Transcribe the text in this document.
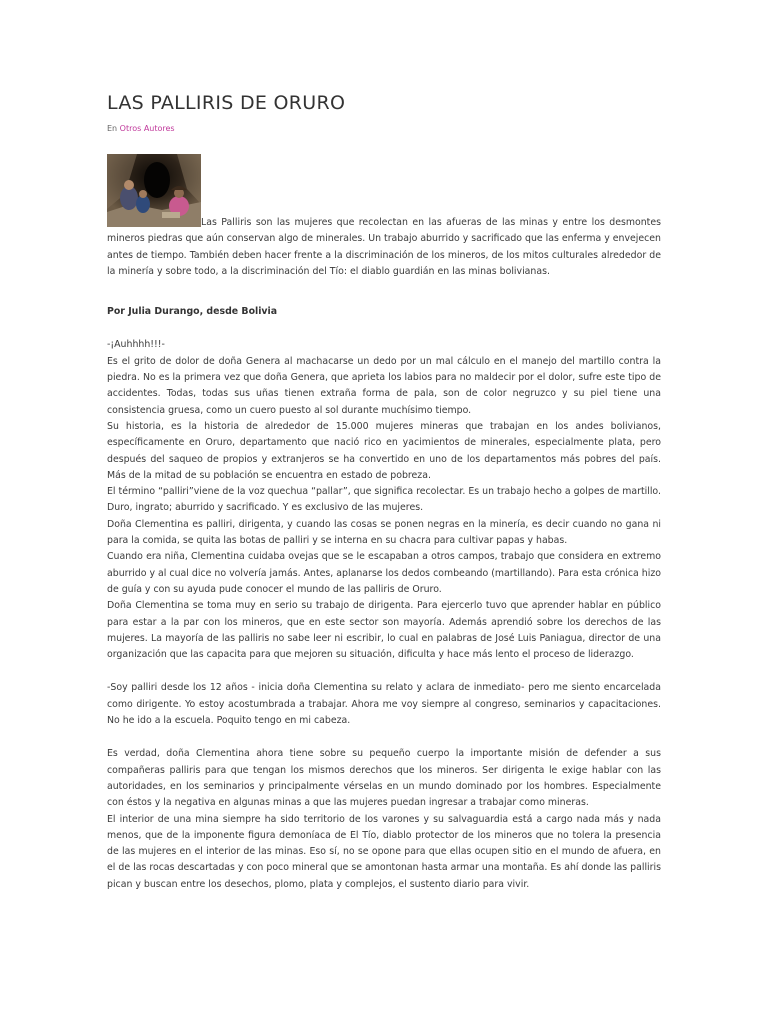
LAS PALLIRIS DE ORURO
En Otros Autores

Las Palliris son las mujeres que recolectan en las afueras de las minas y entre los desmontes mineros piedras que aún conservan algo de minerales. Un trabajo aburrido y sacrificado que las enferma y envejecen antes de tiempo. También deben hacer frente a la discriminación de los mineros, de los mitos culturales alrededor de la minería y sobre todo, a la discriminación del Tío: el diablo guardián en las minas bolivianas.

Por Julia Durango, desde Bolivia

-¡Auhhhh!!!-

Es el grito de dolor de doña Genera al machacarse un dedo por un mal cálculo en el manejo del martillo contra la piedra. No es la primera vez que doña Genera, que aprieta los labios para no maldecir por el dolor, sufre este tipo de accidentes. Todas, todas sus uñas tienen extraña forma de pala, son de color negruzco y su piel tiene una consistencia gruesa, como un cuero puesto al sol durante muchísimo tiempo.

Su historia, es la historia de alrededor de 15.000 mujeres mineras que trabajan en los andes bolivianos, específicamente en Oruro, departamento que nació rico en yacimientos de minerales, especialmente plata, pero después del saqueo de propios y extranjeros se ha convertido en uno de los departamentos más pobres del país. Más de la mitad de su población se encuentra en estado de pobreza.

El término “palliri”viene de la voz quechua “pallar”, que significa recolectar. Es un trabajo hecho a golpes de martillo. Duro, ingrato; aburrido y sacrificado. Y es exclusivo de las mujeres.

Doña Clementina es palliri, dirigenta, y cuando las cosas se ponen negras en la minería, es decir cuando no gana ni para la comida, se quita las botas de palliri y se interna en su chacra para cultivar papas y habas.

Cuando era niña, Clementina cuidaba ovejas que se le escapaban a otros campos, trabajo que considera en extremo aburrido y al cual dice no volvería jamás. Antes, aplanarse los dedos combeando (martillando). Para esta crónica hizo de guía y con su ayuda pude conocer el mundo de las palliris de Oruro.

Doña Clementina se toma muy en serio su trabajo de dirigenta. Para ejercerlo tuvo que aprender hablar en público para estar a la par con los mineros, que en este sector son mayoría. Además aprendió sobre los derechos de las mujeres. La mayoría de las palliris no sabe leer ni escribir, lo cual en palabras de José Luis Paniagua, director de una organización que las capacita para que mejoren su situación, dificulta y hace más lento el proceso de liderazgo.

-Soy palliri desde los 12 años - inicia doña Clementina su relato y aclara de inmediato- pero me siento encarcelada como dirigente. Yo estoy acostumbrada a trabajar. Ahora me voy siempre al congreso, seminarios y capacitaciones. No he ido a la escuela. Poquito tengo en mi cabeza.

Es verdad, doña Clementina ahora tiene sobre su pequeño cuerpo la importante misión de defender a sus compañeras palliris para que tengan los mismos derechos que los mineros. Ser dirigenta le exige hablar con las autoridades, en los seminarios y principalmente vérselas en un mundo dominado por los hombres. Especialmente con éstos y la negativa en algunas minas a que las mujeres puedan ingresar a trabajar como mineras.

El interior de una mina siempre ha sido territorio de los varones y su salvaguardia está a cargo nada más y nada menos, que de la imponente figura demoníaca de El Tío, diablo protector de los mineros que no tolera la presencia de las mujeres en el interior de las minas. Eso sí, no se opone para que ellas ocupen sitio en el mundo de afuera, en el de las rocas descartadas y con poco mineral que se amontonan hasta armar una montaña. Es ahí donde las palliris pican y buscan entre los desechos, plomo, plata y complejos, el sustento diario para vivir.
